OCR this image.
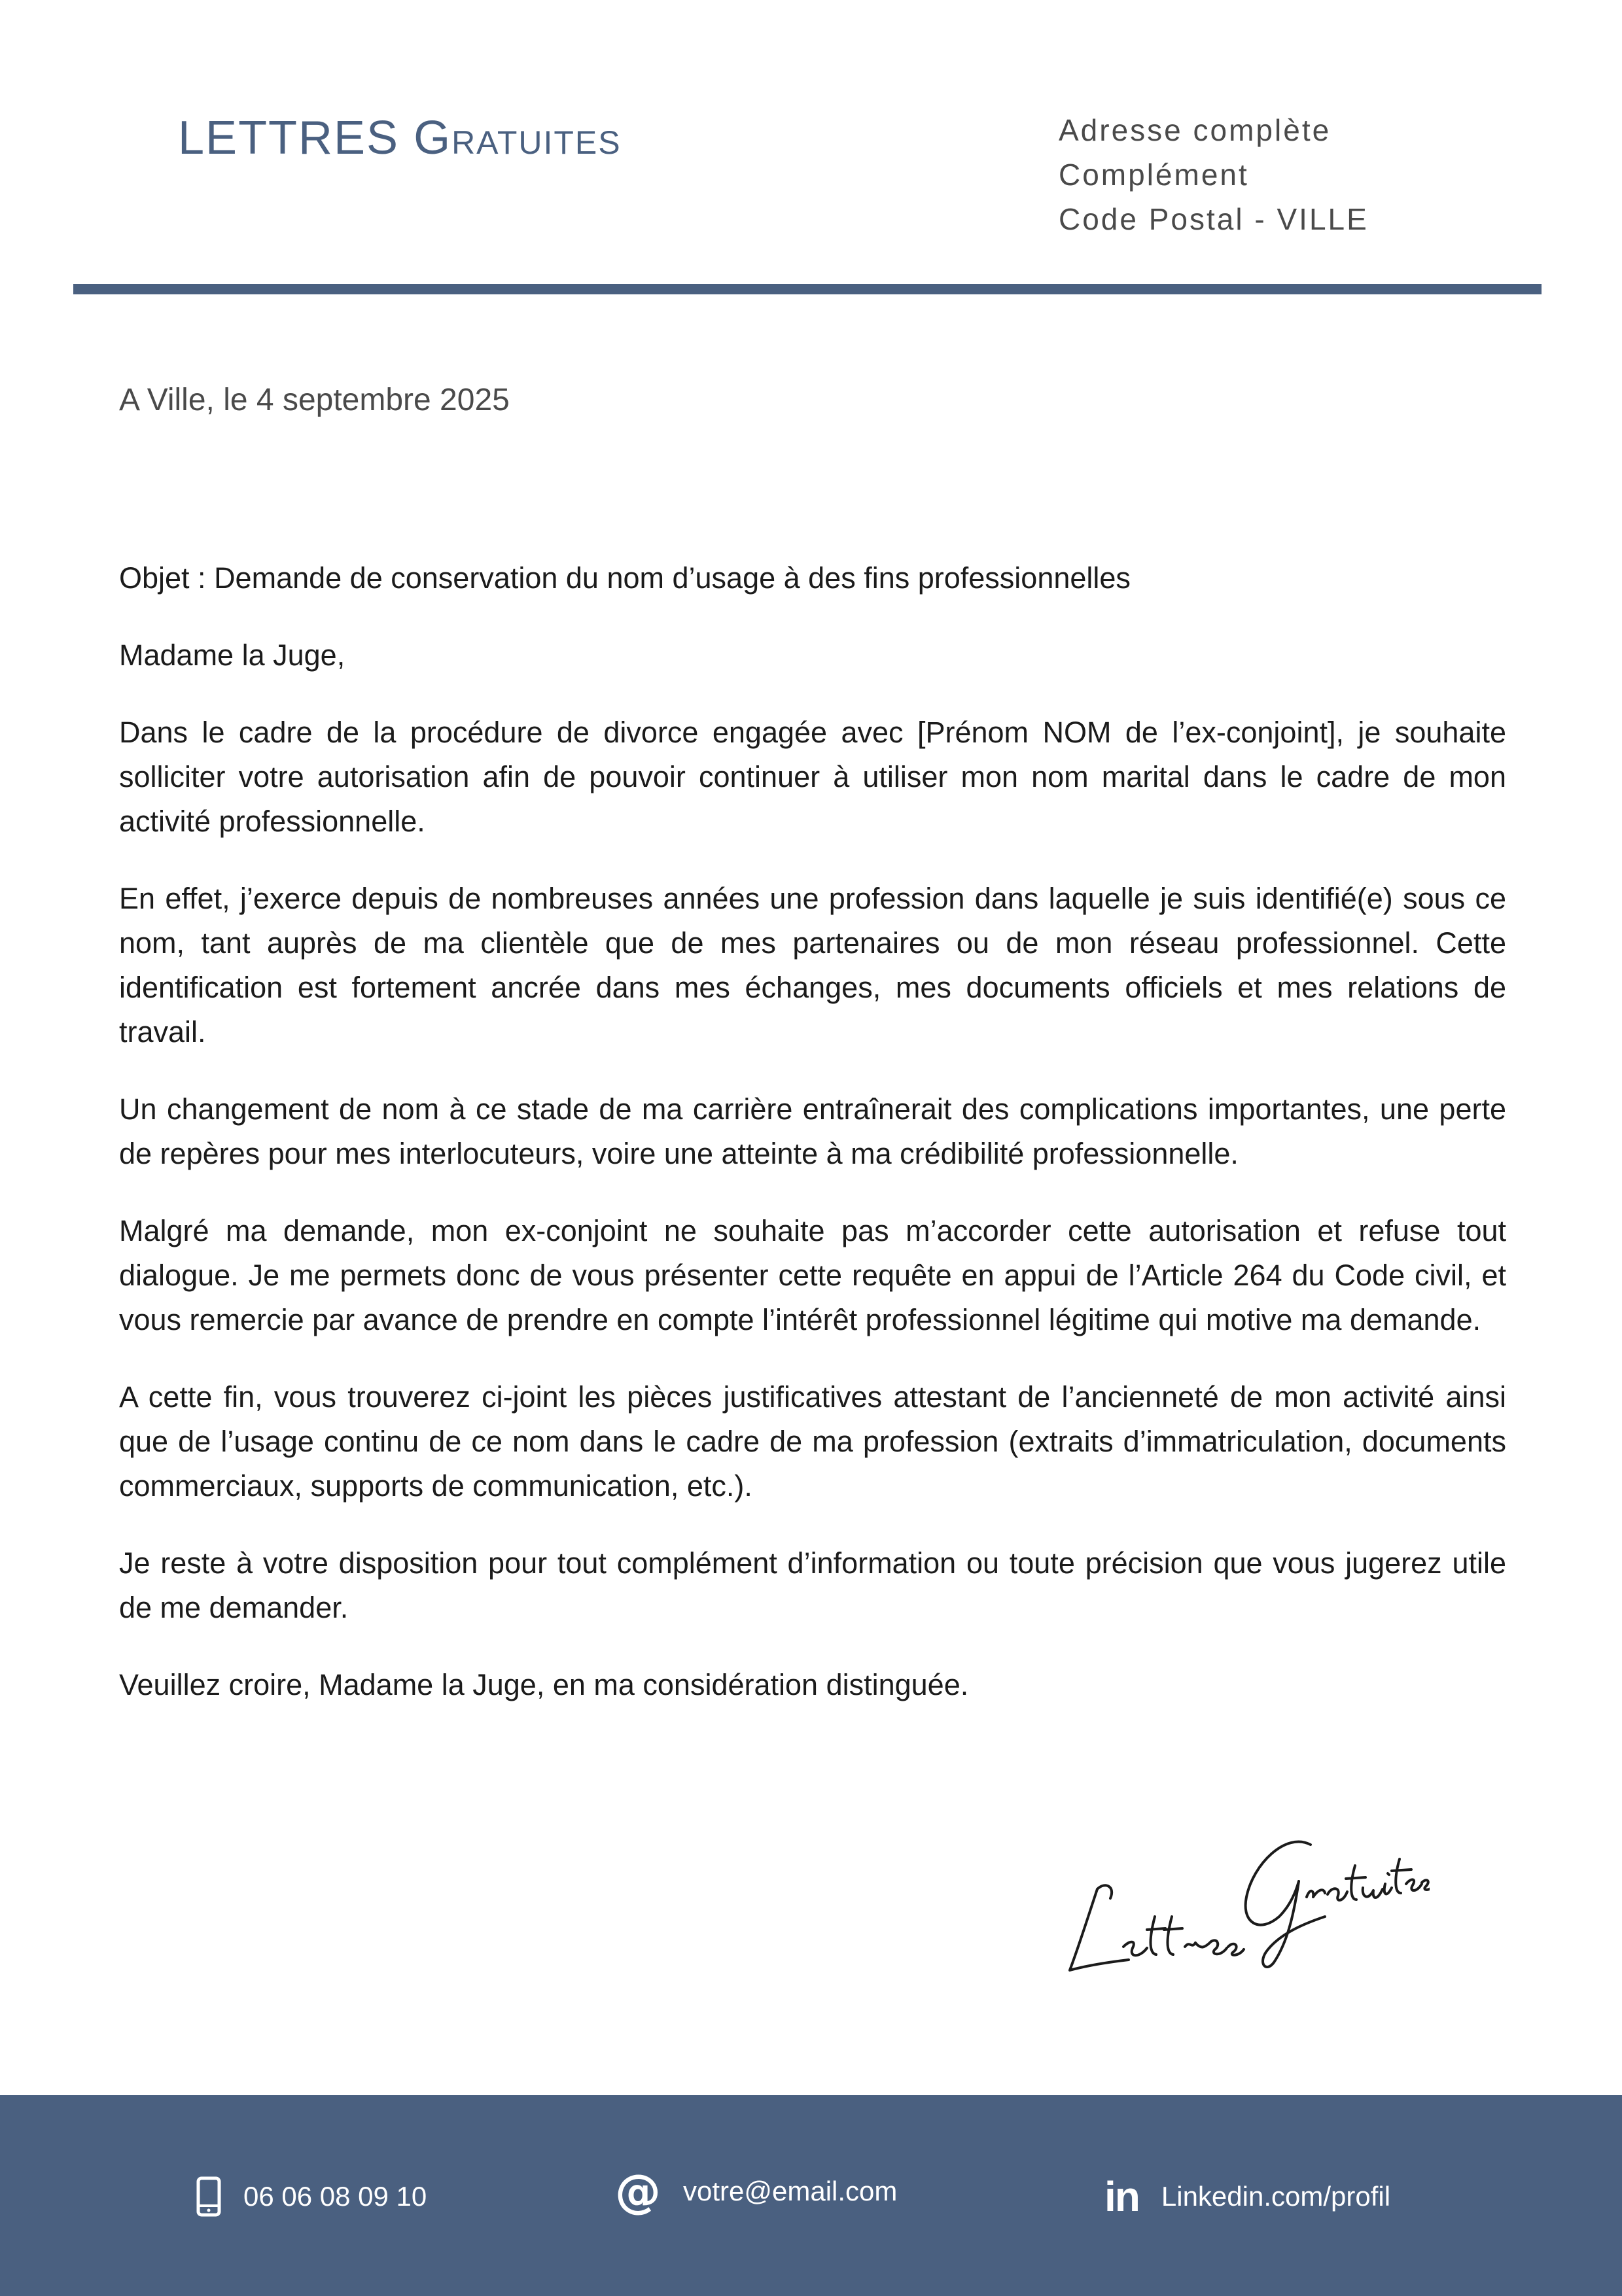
LETTRES Gratuites	Adresse complète
Complément
Code Postal - VILLE
A Ville, le 4 septembre 2025

Objet : Demande de conservation du nom d’usage à des fins professionnelles

Madame la Juge,

Dans le cadre de la procédure de divorce engagée avec [Prénom NOM de l’ex-conjoint], je souhaite solliciter votre autorisation afin de pouvoir continuer à utiliser mon nom marital dans le cadre de mon activité professionnelle.

En effet, j’exerce depuis de nombreuses années une profession dans laquelle je suis identifié(e) sous ce nom, tant auprès de ma clientèle que de mes partenaires ou de mon réseau professionnel. Cette identification est fortement ancrée dans mes échanges, mes documents officiels et mes relations de travail.

Un changement de nom à ce stade de ma carrière entraînerait des complications importantes, une perte de repères pour mes interlocuteurs, voire une atteinte à ma crédibilité professionnelle.

Malgré ma demande, mon ex-conjoint ne souhaite pas m’accorder cette autorisation et refuse tout dialogue. Je me permets donc de vous présenter cette requête en appui de l’Article 264 du Code civil, et vous remercie par avance de prendre en compte l’intérêt professionnel légitime qui motive ma demande.

A cette fin, vous trouverez ci-joint les pièces justificatives attestant de l’ancienneté de mon activité ainsi que de l’usage continu de ce nom dans le cadre de ma profession (extraits d’immatriculation, documents commerciaux, supports de communication, etc.).

Je reste à votre disposition pour tout complément d’information ou toute précision que vous jugerez utile de me demander.

Veuillez croire, Madame la Juge, en ma considération distinguée.

06 06 08 09 10	@ votre@email.com	in Linkedin.com/profil
